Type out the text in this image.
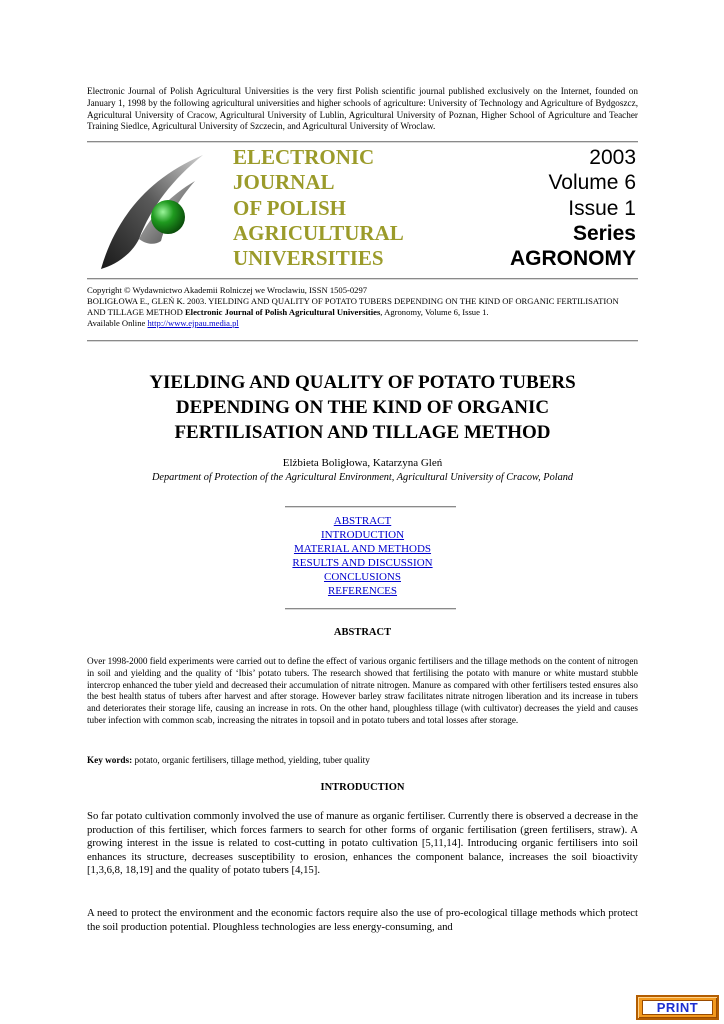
Electronic Journal of Polish Agricultural Universities is the very first Polish scientific journal published exclusively on the Internet, founded on January 1, 1998 by the following agricultural universities and higher schools of agriculture: University of Technology and Agriculture of Bydgoszcz, Agricultural University of Cracow, Agricultural University of Lublin, Agricultural University of Poznan, Higher School of Agriculture and Teacher Training Siedlce, Agricultural University of Szczecin, and Agricultural University of Wroclaw.
ELECTRONIC
JOURNAL
OF POLISH
AGRICULTURAL
UNIVERSITIES
2003
Volume 6
Issue 1
Series
AGRONOMY
Copyright © Wydawnictwo Akademii Rolniczej we Wroclawiu, ISSN 1505-0297
BOLIGŁOWA E., GLEŃ K. 2003. YIELDING AND QUALITY OF POTATO TUBERS DEPENDING ON THE KIND OF ORGANIC FERTILISATION AND TILLAGE METHOD Electronic Journal of Polish Agricultural Universities, Agronomy, Volume 6, Issue 1.
Available Online http://www.ejpau.media.pl
YIELDING AND QUALITY OF POTATO TUBERS
DEPENDING ON THE KIND OF ORGANIC
FERTILISATION AND TILLAGE METHOD
Elżbieta Boligłowa, Katarzyna Gleń
Department of Protection of the Agricultural Environment, Agricultural University of Cracow, Poland
ABSTRACT
INTRODUCTION
MATERIAL AND METHODS
RESULTS AND DISCUSSION
CONCLUSIONS
REFERENCES
ABSTRACT
Over 1998-2000 field experiments were carried out to define the effect of various organic fertilisers and the tillage methods on the content of nitrogen in soil and yielding and the quality of ‘Ibis’ potato tubers. The research showed that fertilising the potato with manure or white mustard stubble intercrop enhanced the tuber yield and decreased their accumulation of nitrate nitrogen. Manure as compared with other fertilisers tested ensures also the best health status of tubers after harvest and after storage. However barley straw facilitates nitrate nitrogen liberation and its increase in tubers and deteriorates their storage life, causing an increase in rots. On the other hand, ploughless tillage (with cultivator) decreases the yield and causes tuber infection with common scab, increasing the nitrates in topsoil and in potato tubers and total losses after storage.
Key words: potato, organic fertilisers, tillage method, yielding, tuber quality
INTRODUCTION
So far potato cultivation commonly involved the use of manure as organic fertiliser. Currently there is observed a decrease in the production of this fertiliser, which forces farmers to search for other forms of organic fertilisation (green fertilisers, straw). A growing interest in the issue is related to cost-cutting in potato cultivation [5,11,14]. Introducing organic fertilisers into soil enhances its structure, decreases susceptibility to erosion, enhances the component balance, increases the soil bioactivity [1,3,6,8, 18,19] and the quality of potato tubers [4,15].
A need to protect the environment and the economic factors require also the use of pro-ecological tillage methods which protect the soil production potential. Ploughless technologies are less energy-consuming, and
PRINT
